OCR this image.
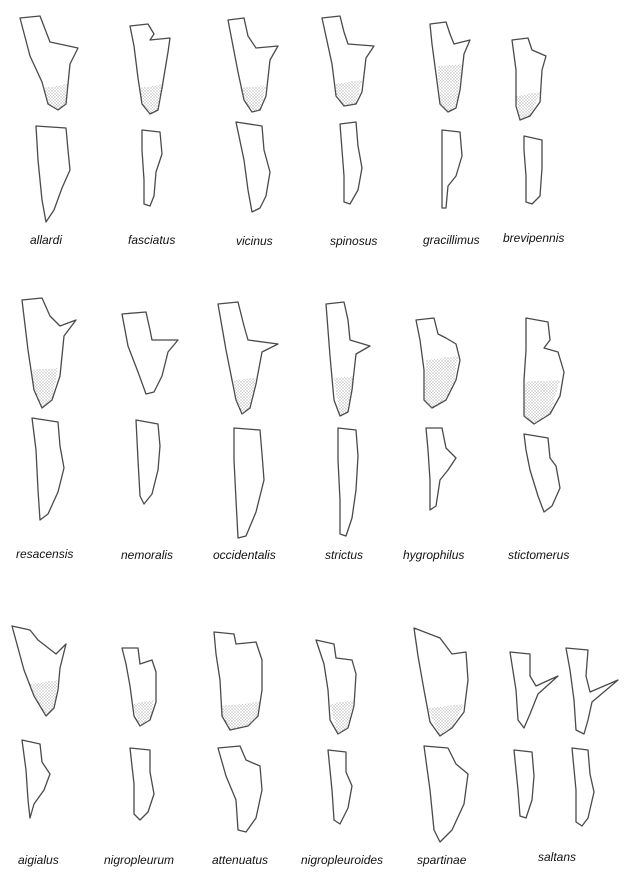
allardi	fasciatus	vicinus	spinosus	gracillimus brevipennis
resacensis	nemoralis	occidentalis	strictus	hygrophilus	stictomerus
aigialus	nigropleurum	attenuatus	nigropleuroides	spartinae	saltans
